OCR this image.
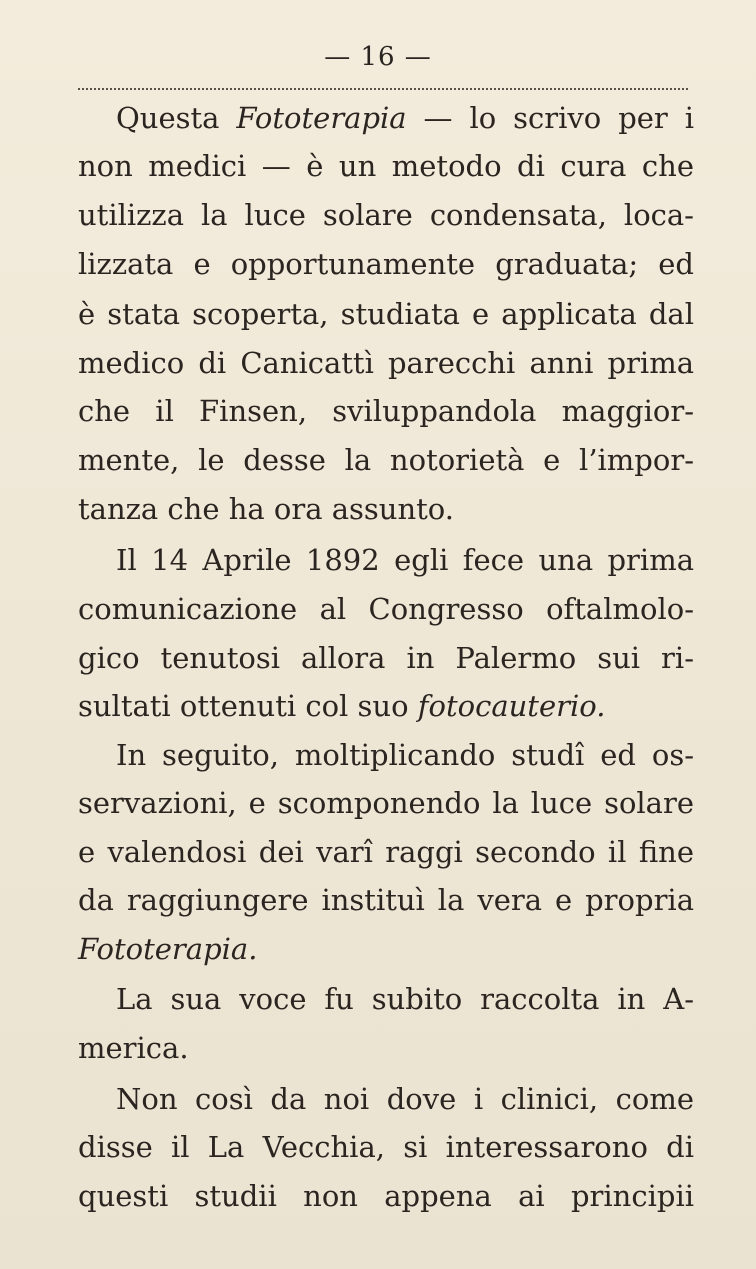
— 16 —
Questa Fototerapia — lo scrivo per i
non medici — è un metodo di cura che
utilizza la luce solare condensata, loca-
lizzata e opportunamente graduata; ed
è stata scoperta, studiata e applicata dal
medico di Canicattì parecchi anni prima
che il Finsen, sviluppandola maggior-
mente, le desse la notorietà e l’impor-
tanza che ha ora assunto.
Il 14 Aprile 1892 egli fece una prima
comunicazione al Congresso oftalmolo-
gico tenutosi allora in Palermo sui ri-
sultati ottenuti col suo fotocauterio.
In seguito, moltiplicando studî ed os-
servazioni, e scomponendo la luce solare
e valendosi dei varî raggi secondo il fine
da raggiungere instituì la vera e propria
Fototerapia.
La sua voce fu subito raccolta in A-
merica.
Non così da noi dove i clinici, come
disse il La Vecchia, si interessarono di
questi studii non appena ai principii
